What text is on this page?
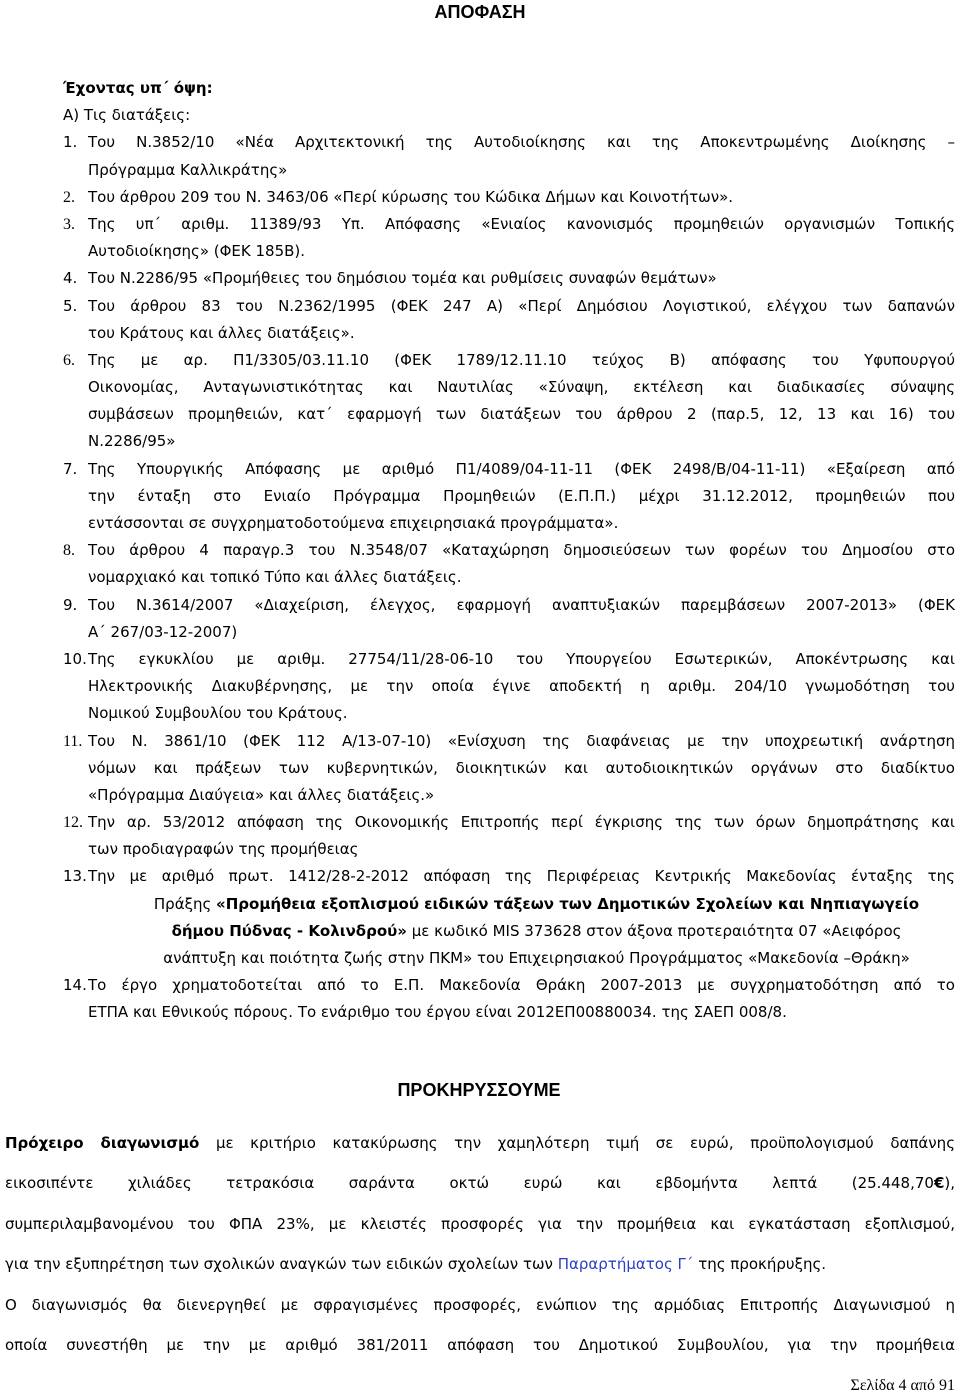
ΑΠΟΦΑΣΗ
Έχοντας υπ΄ όψη:
Α) Τις διατάξεις:
1. Του Ν.3852/10 «Νέα Αρχιτεκτονική της Αυτοδιοίκησης και της Αποκεντρωμένης Διοίκησης –
Πρόγραμμα Καλλικράτης»
2. Του άρθρου 209 του Ν. 3463/06 «Περί κύρωσης του Κώδικα Δήμων και Κοινοτήτων».
3. Της υπ΄ αριθμ. 11389/93 Υπ. Απόφασης «Ενιαίος κανονισμός προμηθειών οργανισμών Τοπικής
Αυτοδιοίκησης» (ΦΕΚ 185Β).
4. Του Ν.2286/95 «Προμήθειες του δημόσιου τομέα και ρυθμίσεις συναφών θεμάτων»
5. Του άρθρου 83 του Ν.2362/1995 (ΦΕΚ 247 Α) «Περί Δημόσιου Λογιστικού, ελέγχου των δαπανών
του Κράτους και άλλες διατάξεις».
6. Της με αρ. Π1/3305/03.11.10 (ΦΕΚ 1789/12.11.10 τεύχος Β) απόφασης του Υφυπουργού
Οικονομίας, Ανταγωνιστικότητας και Ναυτιλίας «Σύναψη, εκτέλεση και διαδικασίες σύναψης
συμβάσεων προμηθειών, κατ΄ εφαρμογή των διατάξεων του άρθρου 2 (παρ.5, 12, 13 και 16) του
Ν.2286/95»
7. Της Υπουργικής Απόφασης με αριθμό Π1/4089/04-11-11 (ΦΕΚ 2498/Β/04-11-11) «Εξαίρεση από
την ένταξη στο Ενιαίο Πρόγραμμα Προμηθειών (Ε.Π.Π.) μέχρι 31.12.2012, προμηθειών που
εντάσσονται σε συγχρηματοδοτούμενα επιχειρησιακά προγράμματα».
8. Του άρθρου 4 παραγρ.3 του Ν.3548/07 «Καταχώρηση δημοσιεύσεων των φορέων του Δημοσίου στο
νομαρχιακό και τοπικό Τύπο και άλλες διατάξεις.
9. Του Ν.3614/2007 «Διαχείριση, έλεγχος, εφαρμογή αναπτυξιακών παρεμβάσεων 2007-2013» (ΦΕΚ
Α΄ 267/03-12-2007)
10. Της εγκυκλίου με αριθμ. 27754/11/28-06-10 του Υπουργείου Εσωτερικών, Αποκέντρωσης και
Ηλεκτρονικής Διακυβέρνησης, με την οποία έγινε αποδεκτή η αριθμ. 204/10 γνωμοδότηση του
Νομικού Συμβουλίου του Κράτους.
11. Του Ν. 3861/10 (ΦΕΚ 112 Α/13-07-10) «Ενίσχυση της διαφάνειας με την υποχρεωτική ανάρτηση
νόμων και πράξεων των κυβερνητικών, διοικητικών και αυτοδιοικητικών οργάνων στο διαδίκτυο
«Πρόγραμμα Διαύγεια» και άλλες διατάξεις.»
12. Την αρ. 53/2012 απόφαση της Οικονομικής Επιτροπής περί έγκρισης της των όρων δημοπράτησης και
των προδιαγραφών της προμήθειας
13. Την με αριθμό πρωτ. 1412/28-2-2012 απόφαση της Περιφέρειας Κεντρικής Μακεδονίας ένταξης της
Πράξης «Προμήθεια εξοπλισμού ειδικών τάξεων των Δημοτικών Σχολείων και Νηπιαγωγείο
δήμου Πύδνας - Κολινδρού» με κωδικό MIS 373628 στον άξονα προτεραιότητα 07 «Αειφόρος
ανάπτυξη και ποιότητα ζωής στην ΠΚΜ» του Επιχειρησιακού Προγράμματος «Μακεδονία –Θράκη»
14. Το έργο χρηματοδοτείται από το Ε.Π. Μακεδονία Θράκη 2007-2013 με συγχρηματοδότηση από το
ΕΤΠΑ και Εθνικούς πόρους. Το ενάριθμο του έργου είναι 2012ΕΠ00880034. της ΣΑΕΠ 008/8.
ΠΡΟΚΗΡΥΣΣΟΥΜΕ
Πρόχειρο διαγωνισμό με κριτήριο κατακύρωσης την χαμηλότερη τιμή σε ευρώ, προϋπολογισμού δαπάνης
εικοσιπέντε χιλιάδες τετρακόσια σαράντα οκτώ ευρώ και εβδομήντα λεπτά (25.448,70€),
συμπεριλαμβανομένου του ΦΠΑ 23%, με κλειστές προσφορές για την προμήθεια και εγκατάσταση εξοπλισμού,
για την εξυπηρέτηση των σχολικών αναγκών των ειδικών σχολείων των Παραρτήματος Γ΄ της προκήρυξης.
Ο διαγωνισμός θα διενεργηθεί με σφραγισμένες προσφορές, ενώπιον της αρμόδιας Επιτροπής Διαγωνισμού η
οποία συνεστήθη με την με αριθμό 381/2011 απόφαση του Δημοτικού Συμβουλίου, για την προμήθεια
Σελίδα 4 από 91
